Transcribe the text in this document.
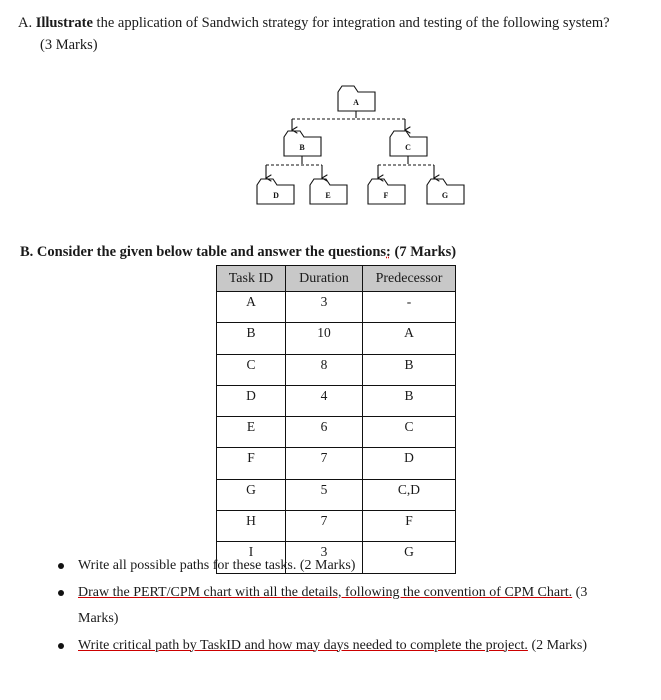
A. Illustrate the application of Sandwich strategy for integration and testing of the following system?
(3 Marks)
A
B	C
D	E	F	G
B. Consider the given below table and answer the questions: (7 Marks)
Task ID	Duration	Predecessor
A	3	-
B	10	A
C	8	B
D	4	B
E	6	C
F	7	D
G	5	C,D
H	7	F
I	3	G
Write all possible paths for these tasks. (2 Marks)
Draw the PERT/CPM chart with all the details, following the convention of CPM Chart. (3 Marks)
Write critical path by TaskID and how may days needed to complete the project. (2 Marks)
